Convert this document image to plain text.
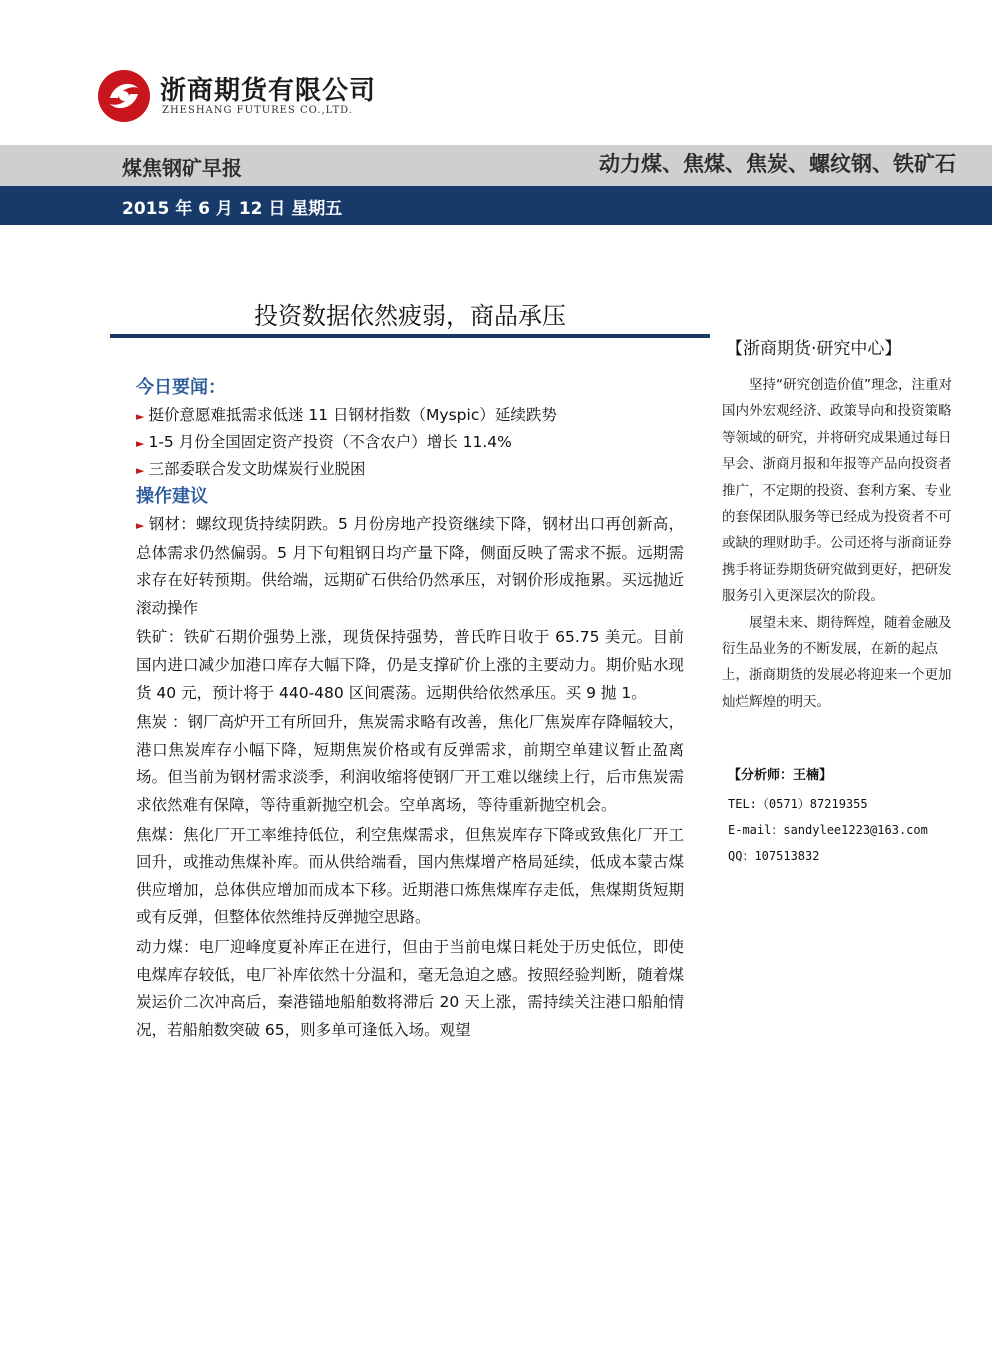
浙商期货有限公司
ZHESHANG FUTURES CO.,LTD.
煤焦钢矿早报	动力煤、焦煤、焦炭、螺纹钢、铁矿石
2015 年 6 月 12 日 星期五
投资数据依然疲弱，商品承压
【浙商期货·研究中心】

坚持“研究创造价值”理念，注重对国内外宏观经济、政策导向和投资策略等领域的研究，并将研究成果通过每日早会、浙商月报和年报等产品向投资者推广，不定期的投资、套利方案、专业的套保团队服务等已经成为投资者不可或缺的理财助手。公司还将与浙商证券携手将证券期货研究做到更好，把研发服务引入更深层次的阶段。

展望未来、期待辉煌，随着金融及衍生品业务的不断发展，在新的起点上，浙商期货的发展必将迎来一个更加灿烂辉煌的明天。

【分析师：王楠】
TEL:（0571）87219355
E-mail：sandylee1223@163.com
QQ：107513832
今日要闻：
► 挺价意愿难抵需求低迷 11 日钢材指数（Myspic）延续跌势
► 1-5 月份全国固定资产投资（不含农户）增长 11.4%
► 三部委联合发文助煤炭行业脱困
操作建议

► 钢材：螺纹现货持续阴跌。5 月份房地产投资继续下降，钢材出口再创新高，总体需求仍然偏弱。5 月下旬粗钢日均产量下降，侧面反映了需求不振。远期需求存在好转预期。供给端，远期矿石供给仍然承压，对钢价形成拖累。买远抛近滚动操作

铁矿：铁矿石期价强势上涨，现货保持强势，普氏昨日收于 65.75 美元。目前国内进口减少加港口库存大幅下降，仍是支撑矿价上涨的主要动力。期价贴水现货 40 元，预计将于 440-480 区间震荡。远期供给依然承压。买 9 抛 1。

焦炭 ：钢厂高炉开工有所回升，焦炭需求略有改善，焦化厂焦炭库存降幅较大，港口焦炭库存小幅下降，短期焦炭价格或有反弹需求，前期空单建议暂止盈离场。但当前为钢材需求淡季，利润收缩将使钢厂开工难以继续上行，后市焦炭需求依然难有保障，等待重新抛空机会。空单离场，等待重新抛空机会。

焦煤：焦化厂开工率维持低位，利空焦煤需求，但焦炭库存下降或致焦化厂开工回升，或推动焦煤补库。而从供给端看，国内焦煤增产格局延续，低成本蒙古煤供应增加，总体供应增加而成本下移。近期港口炼焦煤库存走低，焦煤期货短期或有反弹，但整体依然维持反弹抛空思路。

动力煤：电厂迎峰度夏补库正在进行，但由于当前电煤日耗处于历史低位，即使电煤库存较低，电厂补库依然十分温和，毫无急迫之感。按照经验判断，随着煤炭运价二次冲高后，秦港锚地船舶数将滞后 20 天上涨，需持续关注港口船舶情况，若船舶数突破 65，则多单可逢低入场。观望
